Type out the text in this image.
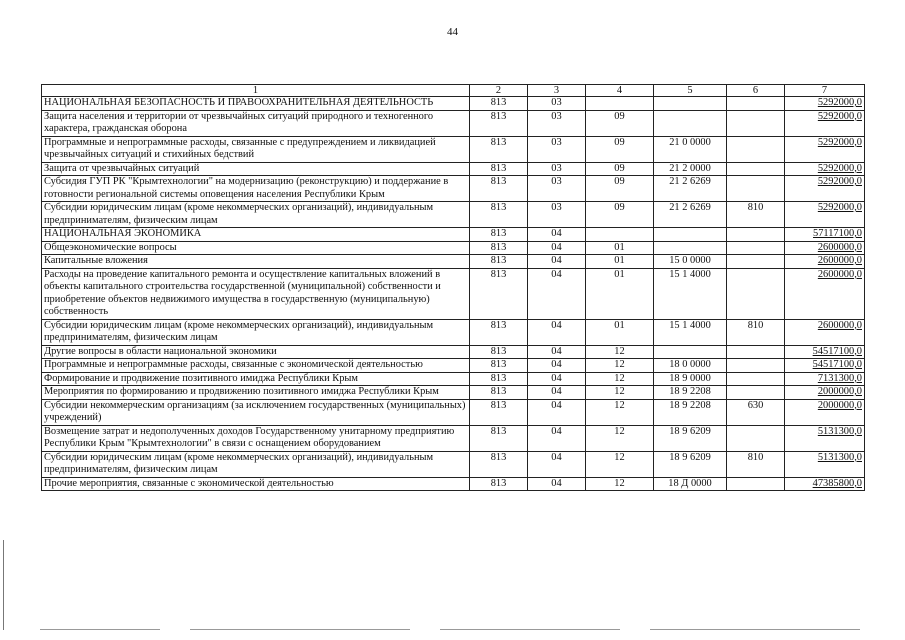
44
1	2	3	4	5	6	7
НАЦИОНАЛЬНАЯ БЕЗОПАСНОСТЬ И ПРАВООХРАНИТЕЛЬНАЯ ДЕЯТЕЛЬНОСТЬ	813	03				5292000,0
Защита населения и территории от чрезвычайных ситуаций природного и техногенного характера, гражданская оборона	813	03	09			5292000,0
Программные и непрограммные расходы, связанные с предупреждением и ликвидацией чрезвычайных ситуаций и стихийных бедствий	813	03	09	21 0 0000		5292000,0
Защита от чрезвычайных ситуаций	813	03	09	21 2 0000		5292000,0
Субсидия ГУП РК "Крымтехнологии" на модернизацию (реконструкцию) и поддержание в готовности региональной системы оповещения населения Республики Крым	813	03	09	21 2 6269		5292000,0
Субсидии юридическим лицам (кроме некоммерческих организаций), индивидуальным предпринимателям, физическим лицам	813	03	09	21 2 6269	810	5292000,0
НАЦИОНАЛЬНАЯ ЭКОНОМИКА	813	04				57117100,0
Общеэкономические вопросы	813	04	01			2600000,0
Капитальные вложения	813	04	01	15 0 0000		2600000,0
Расходы на проведение капитального ремонта и осуществление капитальных вложений в объекты капитального строительства государственной (муниципальной) собственности и приобретение объектов недвижимого имущества в государственную (муниципальную) собственность	813	04	01	15 1 4000		2600000,0
Субсидии юридическим лицам (кроме некоммерческих организаций), индивидуальным предпринимателям, физическим лицам	813	04	01	15 1 4000	810	2600000,0
Другие вопросы в области национальной экономики	813	04	12			54517100,0
Программные и непрограммные расходы, связанные с экономической деятельностью	813	04	12	18 0 0000		54517100,0
Формирование и продвижение позитивного имиджа Республики Крым	813	04	12	18 9 0000		7131300,0
Мероприятия по формированию и продвижению позитивного имиджа Республики Крым	813	04	12	18 9 2208		2000000,0
Субсидии некоммерческим организациям (за исключением государственных (муниципальных) учреждений)	813	04	12	18 9 2208	630	2000000,0
Возмещение затрат и недополученных доходов Государственному унитарному предприятию Республики Крым "Крымтехнологии" в связи с оснащением оборудованием	813	04	12	18 9 6209		5131300,0
Субсидии юридическим лицам (кроме некоммерческих организаций), индивидуальным предпринимателям, физическим лицам	813	04	12	18 9 6209	810	5131300,0
Прочие мероприятия, связанные с экономической деятельностью	813	04	12	18 Д 0000		47385800,0
